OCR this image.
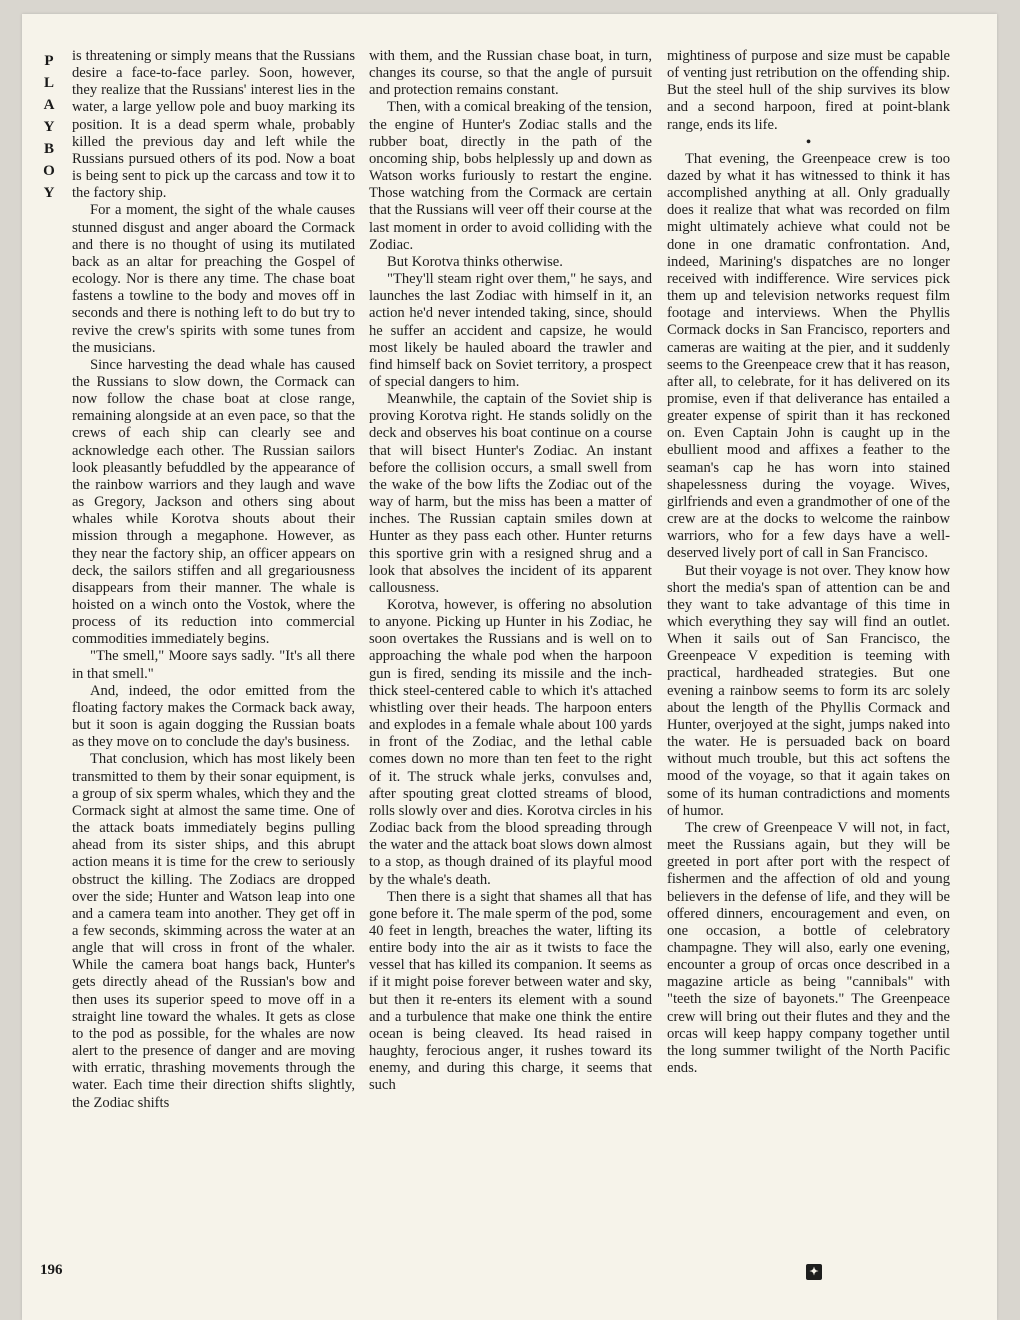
P
L
A
Y
B
O
Y

is threatening or simply means that the Russians desire a face-to-face parley. Soon, however, they realize that the Russians' interest lies in the water, a large yellow pole and buoy marking its position. It is a dead sperm whale, probably killed the previous day and left while the Russians pursued others of its pod. Now a boat is being sent to pick up the carcass and tow it to the factory ship.

For a moment, the sight of the whale causes stunned disgust and anger aboard the Cormack and there is no thought of using its mutilated back as an altar for preaching the Gospel of ecology. Nor is there any time. The chase boat fastens a towline to the body and moves off in seconds and there is nothing left to do but try to revive the crew's spirits with some tunes from the musicians.

Since harvesting the dead whale has caused the Russians to slow down, the Cormack can now follow the chase boat at close range, remaining alongside at an even pace, so that the crews of each ship can clearly see and acknowledge each other. The Russian sailors look pleasantly befuddled by the appearance of the rainbow warriors and they laugh and wave as Gregory, Jackson and others sing about whales while Korotva shouts about their mission through a megaphone. However, as they near the factory ship, an officer appears on deck, the sailors stiffen and all gregariousness disappears from their manner. The whale is hoisted on a winch onto the Vostok, where the process of its reduction into commercial commodities immediately begins.

"The smell," Moore says sadly. "It's all there in that smell."

And, indeed, the odor emitted from the floating factory makes the Cormack back away, but it soon is again dogging the Russian boats as they move on to conclude the day's business.

That conclusion, which has most likely been transmitted to them by their sonar equipment, is a group of six sperm whales, which they and the Cormack sight at almost the same time. One of the attack boats immediately begins pulling ahead from its sister ships, and this abrupt action means it is time for the crew to seriously obstruct the killing. The Zodiacs are dropped over the side; Hunter and Watson leap into one and a camera team into another. They get off in a few seconds, skimming across the water at an angle that will cross in front of the whaler. While the camera boat hangs back, Hunter's gets directly ahead of the Russian's bow and then uses its superior speed to move off in a straight line toward the whales. It gets as close to the pod as possible, for the whales are now alert to the presence of danger and are moving with erratic, thrashing movements through the water. Each time their direction shifts slightly, the Zodiac shifts

with them, and the Russian chase boat, in turn, changes its course, so that the angle of pursuit and protection remains constant.

Then, with a comical breaking of the tension, the engine of Hunter's Zodiac stalls and the rubber boat, directly in the path of the oncoming ship, bobs helplessly up and down as Watson works furiously to restart the engine. Those watching from the Cormack are certain that the Russians will veer off their course at the last moment in order to avoid colliding with the Zodiac.

But Korotva thinks otherwise.

"They'll steam right over them," he says, and launches the last Zodiac with himself in it, an action he'd never intended taking, since, should he suffer an accident and capsize, he would most likely be hauled aboard the trawler and find himself back on Soviet territory, a prospect of special dangers to him.

Meanwhile, the captain of the Soviet ship is proving Korotva right. He stands solidly on the deck and observes his boat continue on a course that will bisect Hunter's Zodiac. An instant before the collision occurs, a small swell from the wake of the bow lifts the Zodiac out of the way of harm, but the miss has been a matter of inches. The Russian captain smiles down at Hunter as they pass each other. Hunter returns this sportive grin with a resigned shrug and a look that absolves the incident of its apparent callousness.

Korotva, however, is offering no absolution to anyone. Picking up Hunter in his Zodiac, he soon overtakes the Russians and is well on to approaching the whale pod when the harpoon gun is fired, sending its missile and the inch-thick steel-centered cable to which it's attached whistling over their heads. The harpoon enters and explodes in a female whale about 100 yards in front of the Zodiac, and the lethal cable comes down no more than ten feet to the right of it. The struck whale jerks, convulses and, after spouting great clotted streams of blood, rolls slowly over and dies. Korotva circles in his Zodiac back from the blood spreading through the water and the attack boat slows down almost to a stop, as though drained of its playful mood by the whale's death.

Then there is a sight that shames all that has gone before it. The male sperm of the pod, some 40 feet in length, breaches the water, lifting its entire body into the air as it twists to face the vessel that has killed its companion. It seems as if it might poise forever between water and sky, but then it re-enters its element with a sound and a turbulence that make one think the entire ocean is being cleaved. Its head raised in haughty, ferocious anger, it rushes toward its enemy, and during this charge, it seems that such

mightiness of purpose and size must be capable of venting just retribution on the offending ship. But the steel hull of the ship survives its blow and a second harpoon, fired at point-blank range, ends its life.

•

That evening, the Greenpeace crew is too dazed by what it has witnessed to think it has accomplished anything at all. Only gradually does it realize that what was recorded on film might ultimately achieve what could not be done in one dramatic confrontation. And, indeed, Marining's dispatches are no longer received with indifference. Wire services pick them up and television networks request film footage and interviews. When the Phyllis Cormack docks in San Francisco, reporters and cameras are waiting at the pier, and it suddenly seems to the Greenpeace crew that it has reason, after all, to celebrate, for it has delivered on its promise, even if that deliverance has entailed a greater expense of spirit than it has reckoned on. Even Captain John is caught up in the ebullient mood and affixes a feather to the seaman's cap he has worn into stained shapelessness during the voyage. Wives, girlfriends and even a grandmother of one of the crew are at the docks to welcome the rainbow warriors, who for a few days have a well-deserved lively port of call in San Francisco.

But their voyage is not over. They know how short the media's span of attention can be and they want to take advantage of this time in which everything they say will find an outlet. When it sails out of San Francisco, the Greenpeace V expedition is teeming with practical, hardheaded strategies. But one evening a rainbow seems to form its arc solely about the length of the Phyllis Cormack and Hunter, overjoyed at the sight, jumps naked into the water. He is persuaded back on board without much trouble, but this act softens the mood of the voyage, so that it again takes on some of its human contradictions and moments of humor.

The crew of Greenpeace V will not, in fact, meet the Russians again, but they will be greeted in port after port with the respect of fishermen and the affection of old and young believers in the defense of life, and they will be offered dinners, encouragement and even, on one occasion, a bottle of celebratory champagne. They will also, early one evening, encounter a group of orcas once described in a magazine article as being "cannibals" with "teeth the size of bayonets." The Greenpeace crew will bring out their flutes and they and the orcas will keep happy company together until the long summer twilight of the North Pacific ends.

196	✦
